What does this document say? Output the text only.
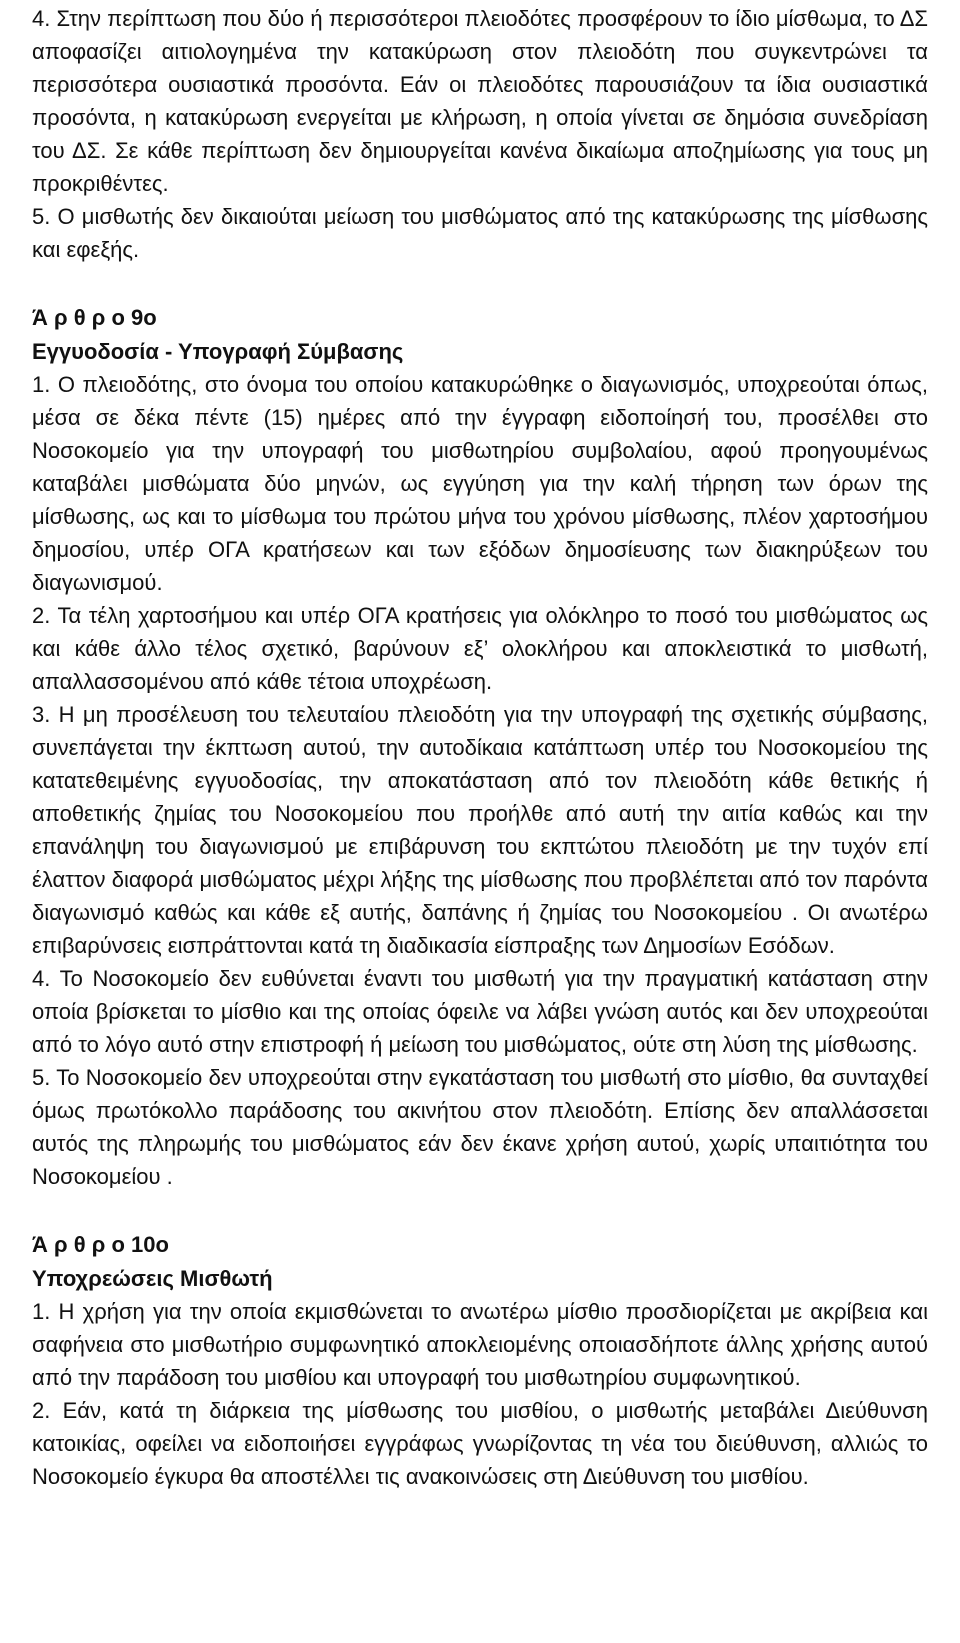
4. Στην περίπτωση που δύο ή περισσότεροι πλειοδότες προσφέρουν το ίδιο μίσθωμα, το ΔΣ αποφασίζει αιτιολογημένα την κατακύρωση στον πλειοδότη που συγκεντρώνει τα περισσότερα ουσιαστικά προσόντα. Εάν οι πλειοδότες παρουσιάζουν τα ίδια ουσιαστικά προσόντα, η κατακύρωση ενεργείται με κλήρωση, η οποία γίνεται σε δημόσια συνεδρίαση του ΔΣ. Σε κάθε περίπτωση δεν δημιουργείται κανένα δικαίωμα αποζημίωσης για τους μη προκριθέντες.

5. Ο μισθωτής δεν δικαιούται μείωση του μισθώματος από της κατακύρωσης της μίσθωσης και εφεξής.

Ά ρ θ ρ ο 9ο

Εγγυοδοσία - Υπογραφή Σύμβασης

1. Ο πλειοδότης, στο όνομα του οποίου κατακυρώθηκε ο διαγωνισμός, υποχρεούται όπως, μέσα σε δέκα πέντε (15) ημέρες από την έγγραφη ειδοποίησή του, προσέλθει στο Νοσοκομείο για την υπογραφή του μισθωτηρίου συμβολαίου, αφού προηγουμένως καταβάλει μισθώματα δύο μηνών, ως εγγύηση για την καλή τήρηση των όρων της μίσθωσης, ως και το μίσθωμα του πρώτου μήνα του χρόνου μίσθωσης, πλέον χαρτοσήμου δημοσίου, υπέρ ΟΓΑ κρατήσεων και των εξόδων δημοσίευσης των διακηρύξεων του διαγωνισμού.

2. Τα τέλη χαρτοσήμου και υπέρ ΟΓΑ κρατήσεις για ολόκληρο το ποσό του μισθώματος ως και κάθε άλλο τέλος σχετικό, βαρύνουν εξ’ ολοκλήρου και αποκλειστικά το μισθωτή, απαλλασσομένου από κάθε τέτοια υποχρέωση.

3. Η μη προσέλευση του τελευταίου πλειοδότη για την υπογραφή της σχετικής σύμβασης, συνεπάγεται την έκπτωση αυτού, την αυτοδίκαια κατάπτωση υπέρ του Νοσοκομείου της κατατεθειμένης εγγυοδοσίας, την αποκατάσταση από τον πλειοδότη κάθε θετικής ή αποθετικής ζημίας του Νοσοκομείου που προήλθε από αυτή την αιτία καθώς και την επανάληψη του διαγωνισμού με επιβάρυνση του εκπτώτου πλειοδότη με την τυχόν επί έλαττον διαφορά μισθώματος μέχρι λήξης της μίσθωσης που προβλέπεται από τον παρόντα διαγωνισμό καθώς και κάθε εξ αυτής, δαπάνης ή ζημίας του Νοσοκομείου . Οι ανωτέρω επιβαρύνσεις εισπράττονται κατά τη διαδικασία είσπραξης των Δημοσίων Εσόδων.

4. Το Νοσοκομείο δεν ευθύνεται έναντι του μισθωτή για την πραγματική κατάσταση στην οποία βρίσκεται το μίσθιο και της οποίας όφειλε να λάβει γνώση αυτός και δεν υποχρεούται από το λόγο αυτό στην επιστροφή ή μείωση του μισθώματος, ούτε στη λύση της μίσθωσης.

5. Το Νοσοκομείο δεν υποχρεούται στην εγκατάσταση του μισθωτή στο μίσθιο, θα συνταχθεί όμως πρωτόκολλο παράδοσης του ακινήτου στον πλειοδότη. Επίσης δεν απαλλάσσεται αυτός της πληρωμής του μισθώματος εάν δεν έκανε χρήση αυτού, χωρίς υπαιτιότητα του Νοσοκομείου .

Ά ρ θ ρ ο 10ο

Υποχρεώσεις Μισθωτή

1. Η χρήση για την οποία εκμισθώνεται το ανωτέρω μίσθιο προσδιορίζεται με ακρίβεια και σαφήνεια στο μισθωτήριο συμφωνητικό αποκλειομένης οποιασδήποτε άλλης χρήσης αυτού από την παράδοση του μισθίου και υπογραφή του μισθωτηρίου συμφωνητικού.

2. Εάν, κατά τη διάρκεια της μίσθωσης του μισθίου, ο μισθωτής μεταβάλει Διεύθυνση κατοικίας, οφείλει να ειδοποιήσει εγγράφως γνωρίζοντας τη νέα του διεύθυνση, αλλιώς το Νοσοκομείο έγκυρα θα αποστέλλει τις ανακοινώσεις στη Διεύθυνση του μισθίου.
